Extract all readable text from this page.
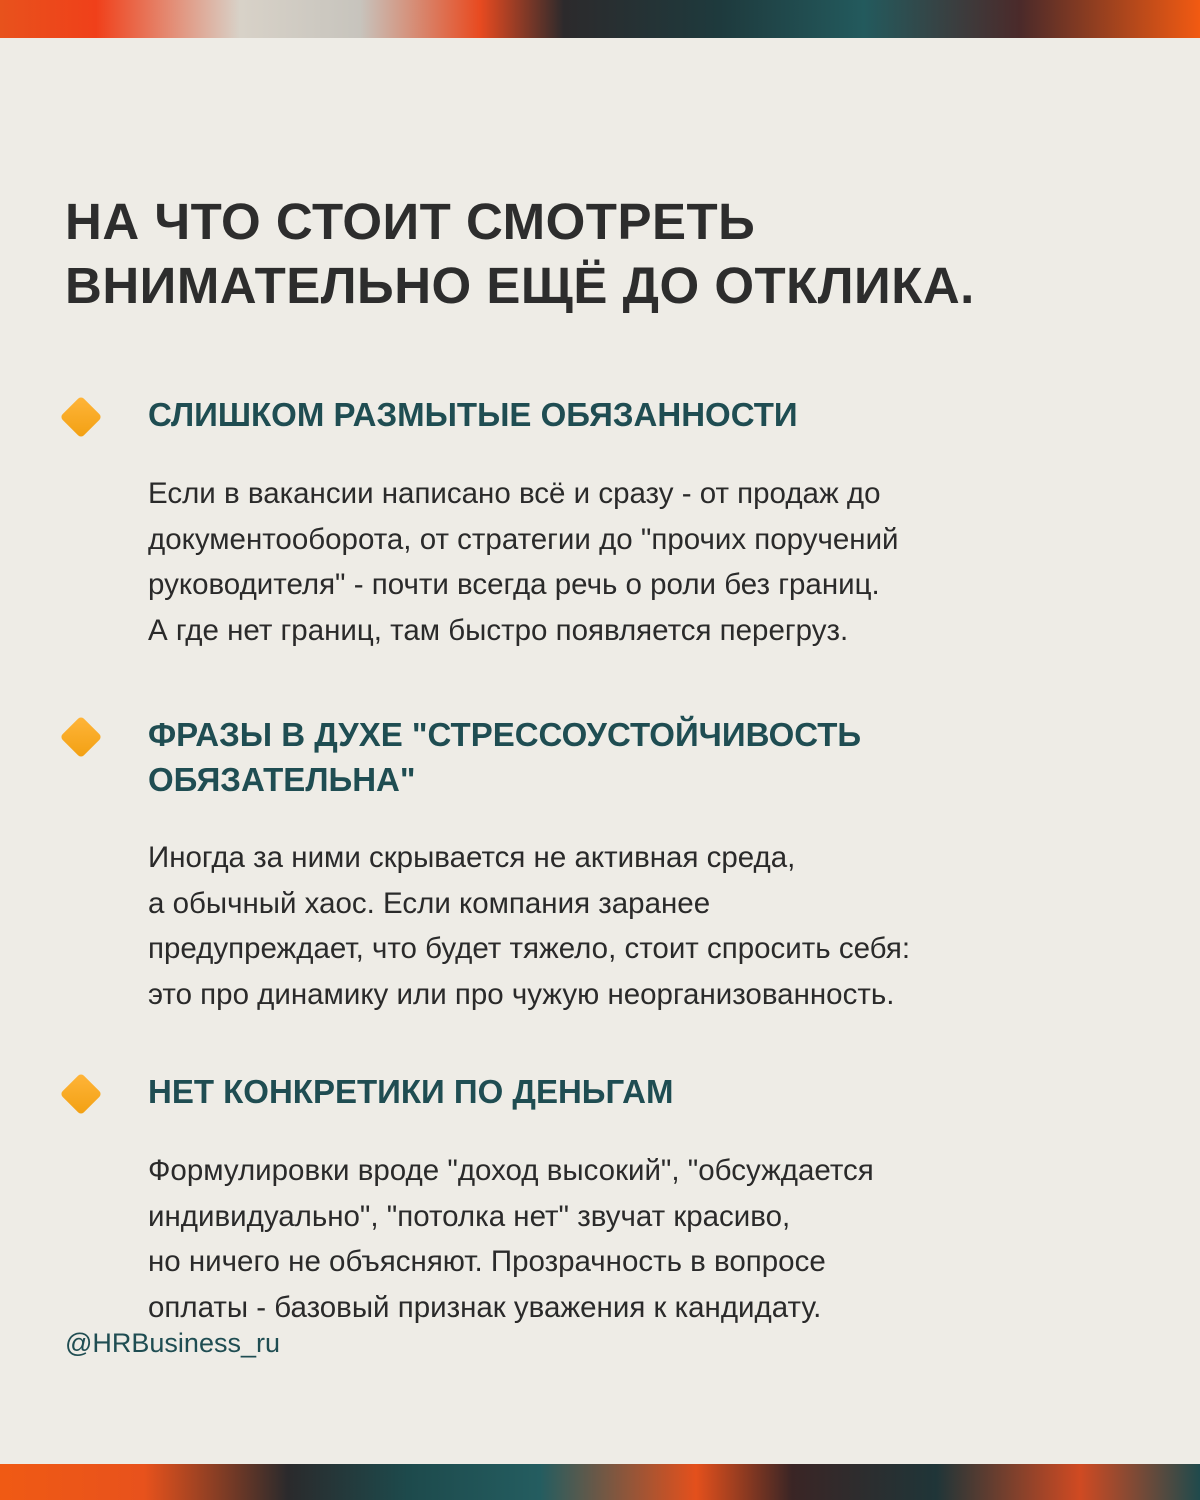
НА ЧТО СТОИТ СМОТРЕТЬ
ВНИМАТЕЛЬНО ЕЩЁ ДО ОТКЛИКА.
СЛИШКОМ РАЗМЫТЫЕ ОБЯЗАННОСТИ

Если в вакансии написано всё и сразу - от продаж до
документооборота, от стратегии до "прочих поручений
руководителя" - почти всегда речь о роли без границ.
А где нет границ, там быстро появляется перегруз.

ФРАЗЫ В ДУХЕ "СТРЕССОУСТОЙЧИВОСТЬ
ОБЯЗАТЕЛЬНА"

Иногда за ними скрывается не активная среда,
а обычный хаос. Если компания заранее
предупреждает, что будет тяжело, стоит спросить себя:
это про динамику или про чужую неорганизованность.

НЕТ КОНКРЕТИКИ ПО ДЕНЬГАМ

Формулировки вроде "доход высокий", "обсуждается
индивидуально", "потолка нет" звучат красиво,
но ничего не объясняют. Прозрачность в вопросе
оплаты - базовый признак уважения к кандидату.

@HRBusiness_ru
